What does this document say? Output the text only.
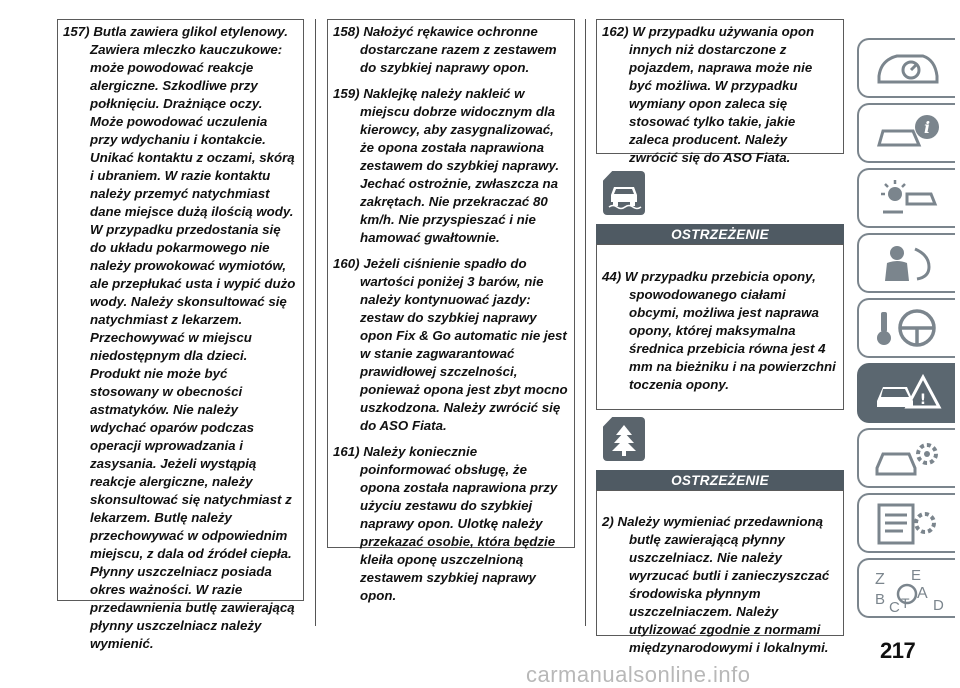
157) Butla zawiera glikol etylenowy. Zawiera mleczko kauczukowe: może powodować reakcje alergiczne. Szkodliwe przy połknięciu. Drażniące oczy. Może powodować uczulenia przy wdychaniu i kontakcie. Unikać kontaktu z oczami, skórą i ubraniem. W razie kontaktu należy przemyć natychmiast dane miejsce dużą ilością wody. W przypadku przedostania się do układu pokarmowego nie należy prowokować wymiotów, ale przepłukać usta i wypić dużo wody. Należy skonsultować się natychmiast z lekarzem. Przechowywać w miejscu niedostępnym dla dzieci. Produkt nie może być stosowany w obecności astmatyków. Nie należy wdychać oparów podczas operacji wprowadzania i zasysania. Jeżeli wystąpią reakcje alergiczne, należy skonsultować się natychmiast z lekarzem. Butlę należy przechowywać w odpowiednim miejscu, z dala od źródeł ciepła. Płynny uszczelniacz posiada okres ważności. W razie przedawnienia butlę zawierającą płynny uszczelniacz należy wymienić.

158) Nałożyć rękawice ochronne dostarczane razem z zestawem do szybkiej naprawy opon.

159) Naklejkę należy nakleić w miejscu dobrze widocznym dla kierowcy, aby zasygnalizować, że opona została naprawiona zestawem do szybkiej naprawy. Jechać ostrożnie, zwłaszcza na zakrętach. Nie przekraczać 80 km/h. Nie przyspieszać i nie hamować gwałtownie.

160) Jeżeli ciśnienie spadło do wartości poniżej 3 barów, nie należy kontynuować jazdy: zestaw do szybkiej naprawy opon Fix & Go automatic nie jest w stanie zagwarantować prawidłowej szczelności, ponieważ opona jest zbyt mocno uszkodzona. Należy zwrócić się do ASO Fiata.

161) Należy koniecznie poinformować obsługę, że opona została naprawiona przy użyciu zestawu do szybkiej naprawy opon. Ulotkę należy przekazać osobie, która będzie kleiła oponę uszczelnioną zestawem szybkiej naprawy opon.

162) W przypadku używania opon innych niż dostarczone z pojazdem, naprawa może nie być możliwa. W przypadku wymiany opon zaleca się stosować tylko takie, jakie zaleca producent. Należy zwrócić się do ASO Fiata.

OSTRZEŻENIE

44) W przypadku przebicia opony, spowodowanego ciałami obcymi, możliwa jest naprawa opony, której maksymalna średnica przebicia równa jest 4 mm na bieżniku i na powierzchni toczenia opony.

OSTRZEŻENIE

2) Należy wymieniać przedawnioną butlę zawierającą płynny uszczelniacz. Nie należy wyrzucać butli i zanieczyszczać środowiska płynnym uszczelniaczem. Należy utylizować zgodnie z normami międzynarodowymi i lokalnymi.

i
!
Z E
A
B C T D
217
carmanualsonline.info
